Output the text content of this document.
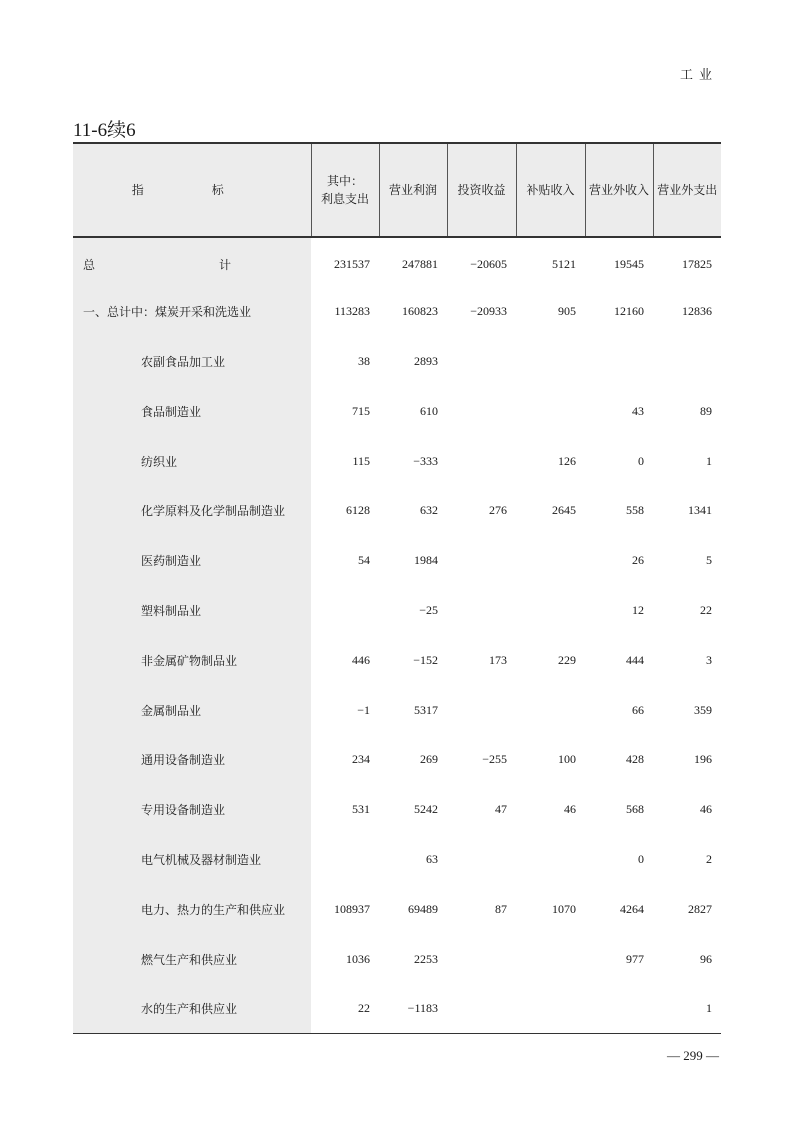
工业
11-6续6
指　标	其中：
利息支出	营业利润	投资收益	补贴收入	营业外收入	营业外支出
总　计	231537	247881	−20605	5121	19545	17825
一、总计中：煤炭开采和洗选业	113283	160823	−20933	905	12160	12836
农副食品加工业	38	2893				
食品制造业	715	610			43	89
纺织业	115	−333		126	0	1
化学原料及化学制品制造业	6128	632	276	2645	558	1341
医药制造业	54	1984			26	5
塑料制品业		−25			12	22
非金属矿物制品业	446	−152	173	229	444	3
金属制品业	−1	5317			66	359
通用设备制造业	234	269	−255	100	428	196
专用设备制造业	531	5242	47	46	568	46
电气机械及器材制造业		63			0	2
电力、热力的生产和供应业	108937	69489	87	1070	4264	2827
燃气生产和供应业	1036	2253			977	96
水的生产和供应业	22	−1183				1
— 299 —
